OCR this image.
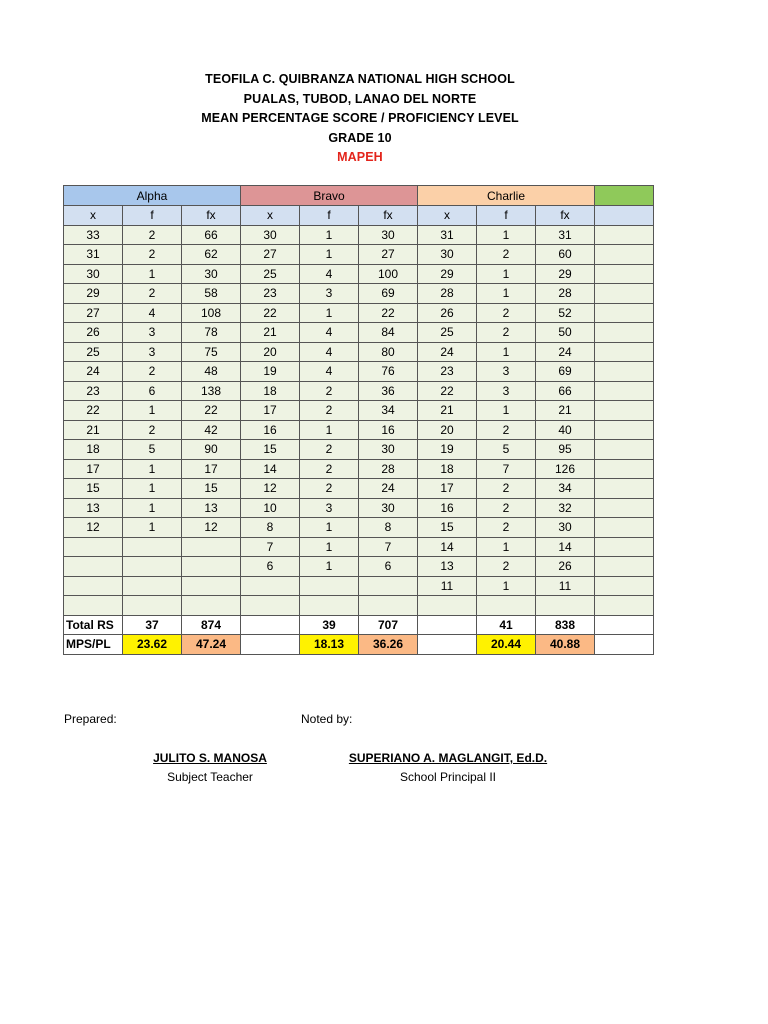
TEOFILA C. QUIBRANZA NATIONAL HIGH SCHOOL
PUALAS, TUBOD, LANAO DEL NORTE
MEAN PERCENTAGE SCORE / PROFICIENCY LEVEL
GRADE 10
MAPEH
Alpha			Bravo			Charlie			
x	f	fx	x	f	fx	x	f	fx	
33	2	66	30	1	30	31	1	31	
31	2	62	27	1	27	30	2	60	
30	1	30	25	4	100	29	1	29	
29	2	58	23	3	69	28	1	28	
27	4	108	22	1	22	26	2	52	
26	3	78	21	4	84	25	2	50	
25	3	75	20	4	80	24	1	24	
24	2	48	19	4	76	23	3	69	
23	6	138	18	2	36	22	3	66	
22	1	22	17	2	34	21	1	21	
21	2	42	16	1	16	20	2	40	
18	5	90	15	2	30	19	5	95	
17	1	17	14	2	28	18	7	126	
15	1	15	12	2	24	17	2	34	
13	1	13	10	3	30	16	2	32	
12	1	12	8	1	8	15	2	30	
			7	1	7	14	1	14	
			6	1	6	13	2	26	
						11	1	11	

Total RS	37	874		39	707		41	838	
MPS/PL	23.62	47.24		18.13	36.26		20.44	40.88	
Prepared:	Noted by:
JULITO S. MANOSA
Subject Teacher
SUPERIANO A. MAGLANGIT, Ed.D.
School Principal II
